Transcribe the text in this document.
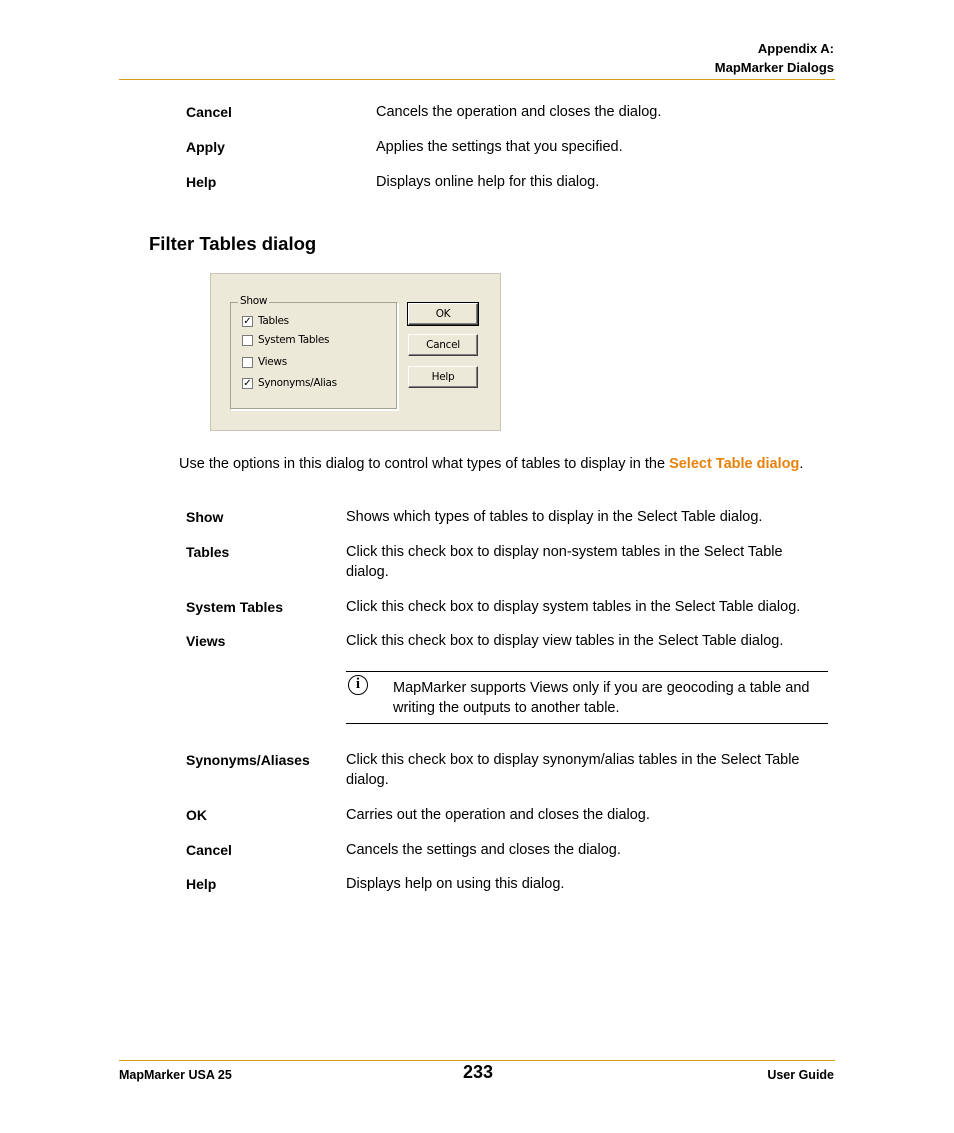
Appendix A:
MapMarker Dialogs
Cancel	Cancels the operation and closes the dialog.
Apply	Applies the settings that you specified.
Help	Displays online help for this dialog.
Filter Tables dialog
Show
✓ Tables
System Tables
Views
✓ Synonyms/Alias
OK
Cancel
Help
Use the options in this dialog to control what types of tables to display in the Select Table dialog.
Show	Shows which types of tables to display in the Select Table dialog.
Tables	Click this check box to display non-system tables in the Select Table dialog.
System Tables	Click this check box to display system tables in the Select Table dialog.
Views	Click this check box to display view tables in the Select Table dialog.
i	MapMarker supports Views only if you are geocoding a table and writing the outputs to another table.
Synonyms/Aliases	Click this check box to display synonym/alias tables in the Select Table dialog.
OK	Carries out the operation and closes the dialog.
Cancel	Cancels the settings and closes the dialog.
Help	Displays help on using this dialog.
MapMarker USA 25	233	User Guide
